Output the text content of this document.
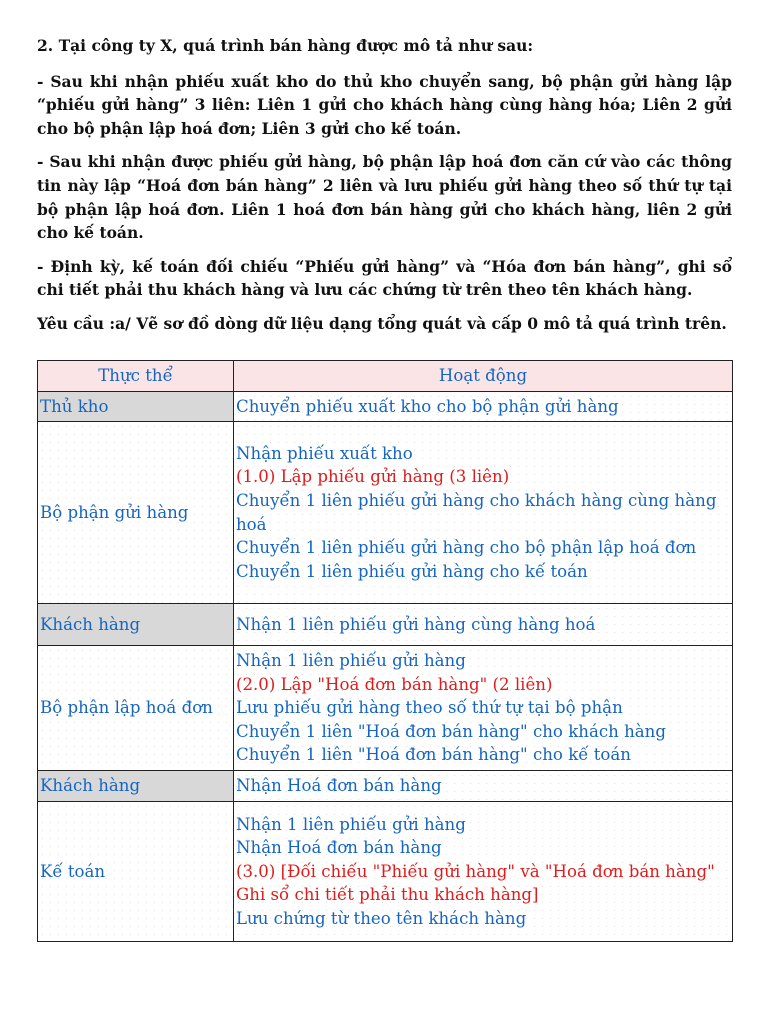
2. Tại công ty X, quá trình bán hàng được mô tả như sau:

- Sau khi nhận phiếu xuất kho do thủ kho chuyển sang, bộ phận gửi hàng lập “phiếu gửi hàng” 3 liên: Liên 1 gửi cho khách hàng cùng hàng hóa; Liên 2 gửi cho bộ phận lập hoá đơn; Liên 3 gửi cho kế toán.

- Sau khi nhận được phiếu gửi hàng, bộ phận lập hoá đơn căn cứ vào các thông tin này lập “Hoá đơn bán hàng” 2 liên và lưu phiếu gửi hàng theo số thứ tự tại bộ phận lập hoá đơn. Liên 1 hoá đơn bán hàng gửi cho khách hàng, liên 2 gửi cho kế toán.

- Định kỳ, kế toán đối chiếu “Phiếu gửi hàng” và “Hóa đơn bán hàng”, ghi sổ chi tiết phải thu khách hàng và lưu các chứng từ trên theo tên khách hàng.

Yêu cầu :a/ Vẽ sơ đồ dòng dữ liệu dạng tổng quát và cấp 0 mô tả quá trình trên.

Thực thể	Hoạt động
Thủ kho	Chuyển phiếu xuất kho cho bộ phận gửi hàng

Bộ phận gửi hàng	Nhận phiếu xuất kho
(1.0) Lập phiếu gửi hàng (3 liên)
Chuyển 1 liên phiếu gửi hàng cho khách hàng cùng hàng hoá
Chuyển 1 liên phiếu gửi hàng cho bộ phận lập hoá đơn
Chuyển 1 liên phiếu gửi hàng cho kế toán

Khách hàng	Nhận 1 liên phiếu gửi hàng cùng hàng hoá

Bộ phận lập hoá đơn	Nhận 1 liên phiếu gửi hàng
(2.0) Lập "Hoá đơn bán hàng" (2 liên)
Lưu phiếu gửi hàng theo số thứ tự tại bộ phận
Chuyển 1 liên "Hoá đơn bán hàng" cho khách hàng
Chuyển 1 liên "Hoá đơn bán hàng" cho kế toán

Khách hàng	Nhận Hoá đơn bán hàng

Kế toán	Nhận 1 liên phiếu gửi hàng
Nhận Hoá đơn bán hàng
(3.0) [Đối chiếu "Phiếu gửi hàng" và "Hoá đơn bán hàng"
Ghi sổ chi tiết phải thu khách hàng]
Lưu chứng từ theo tên khách hàng
